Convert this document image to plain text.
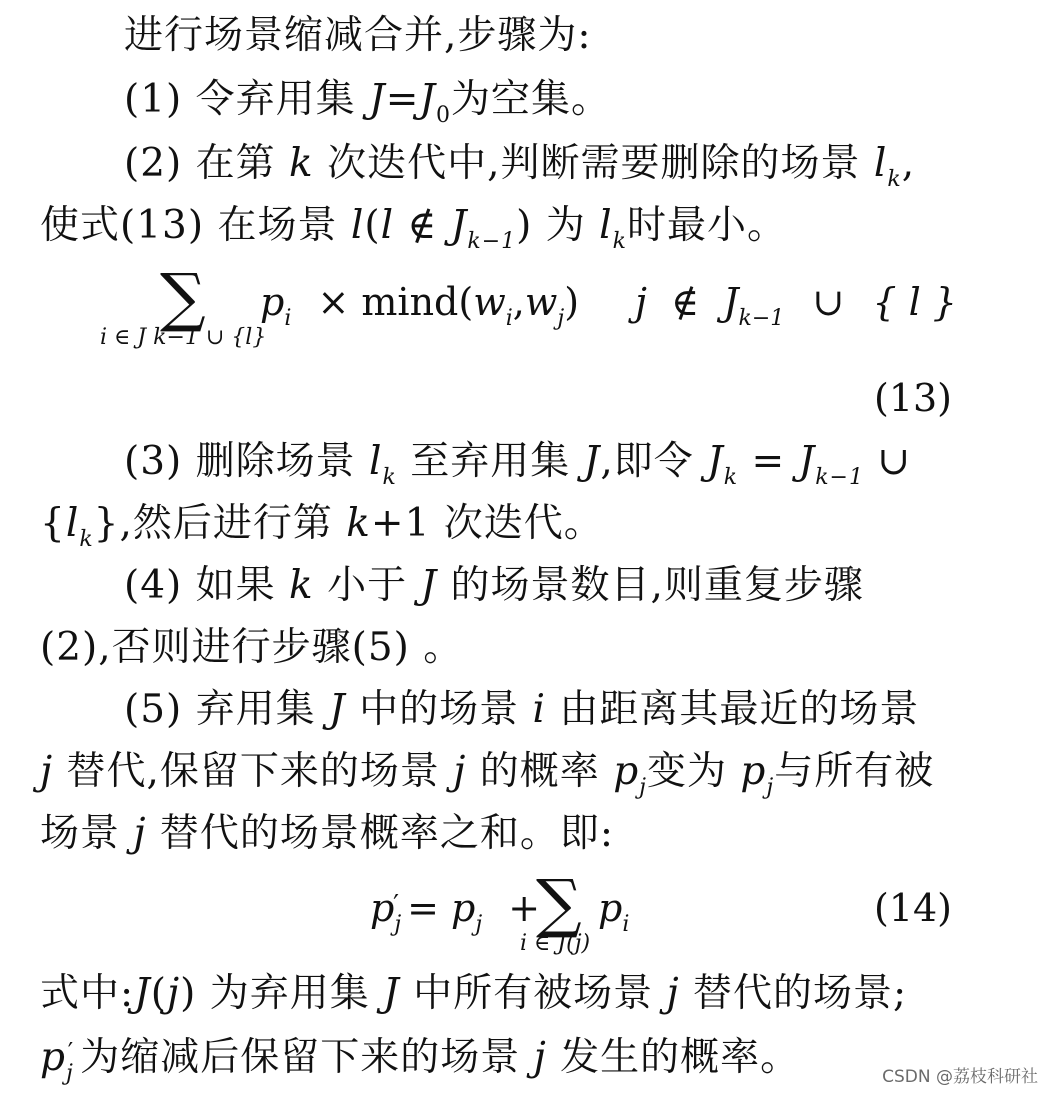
进行场景缩减合并,步骤为:
(1) 令弃用集 $J=J_0$为空集。
(2) 在第 k 次迭代中,判断需要删除的场景 $l_k$,
使式(13) 在场景 l(l ∉ $J_{k-1}$) 为 $l_k$时最小。
∑
i ∈ J k−1 ∪ {l}
$p_i \times \min d(w_i,w_j)$ j ∉ $J_{k-1}$ ∪ { l }
(13)
(3) 删除场景 $l_k$ 至弃用集 J,即令 $J_k = J_{k-1}$ ∪
$\{l_k\}$,然后进行第 k+1 次迭代。
(4) 如果 k 小于 J 的场景数目,则重复步骤
(2),否则进行步骤(5) 。
(5) 弃用集 J 中的场景 i 由距离其最近的场景
j 替代,保留下来的场景 j 的概率 $p_j$变为 $p_j$与所有被
场景 j 替代的场景概率之和。即:
$p_j' = p_j$ +
∑
i ∈ J(j)
$p_i$	(14)
式中:J(j) 为弃用集 J 中所有被场景 j 替代的场景;
$p_j'$ 为缩减后保留下来的场景 j 发生的概率。	CSDN @荔枝科研社
